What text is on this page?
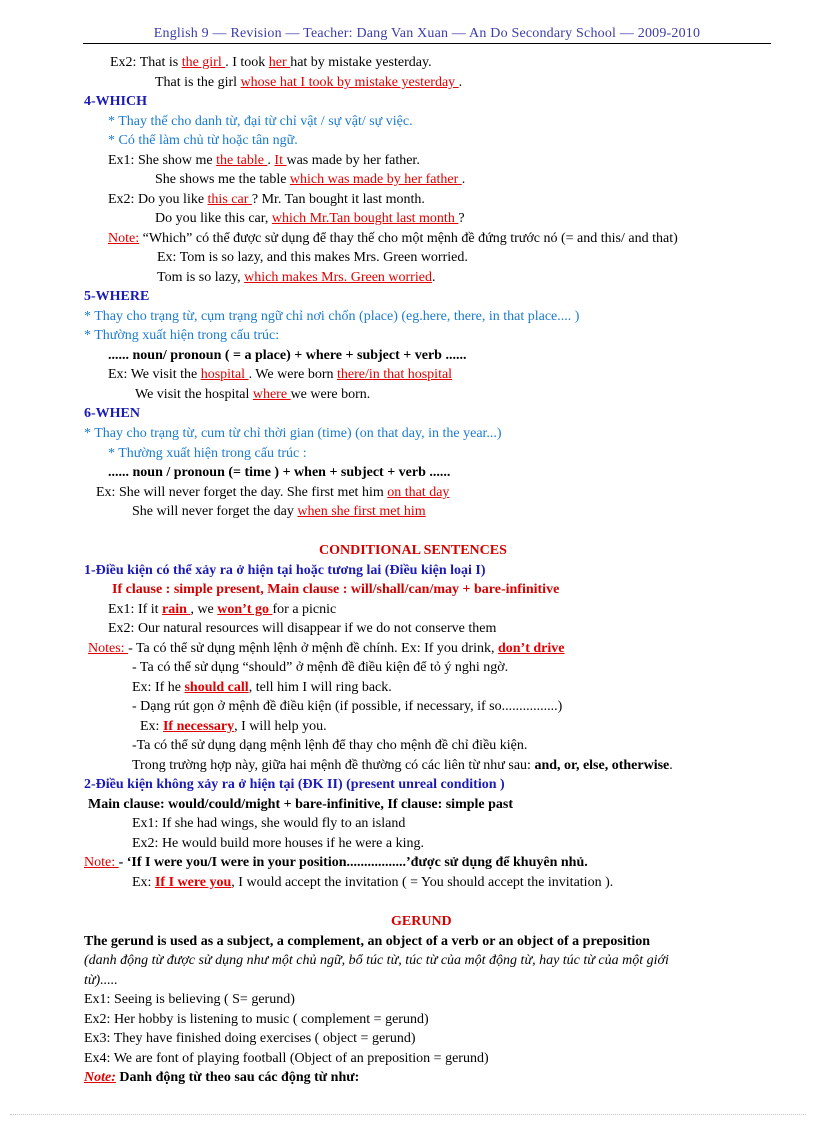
English 9 — Revision — Teacher: Dang Van Xuan — An Do Secondary School — 2009-2010
Ex2: That is the girl . I took her hat by mistake yesterday.
That is the girl whose hat I took by mistake yesterday .
4-WHICH
* Thay thế cho danh từ, đại từ chỉ vật / sự vật/ sự việc.
* Có thể làm chủ từ hoặc tân ngữ.
Ex1: She show me the table . It was made by her father.
She shows me the table which was made by her father .
Ex2: Do you like this car ? Mr. Tan bought it last month.
Do you like this car, which Mr.Tan bought last month ?
Note: “Which” có thể được sử dụng để thay thế cho một mệnh đề đứng trước nó (= and this/ and that)
Ex: Tom is so lazy, and this makes Mrs. Green worried.
Tom is so lazy, which makes Mrs. Green worried.
5-WHERE
* Thay cho trạng từ, cụm trạng ngữ chỉ nơi chốn (place) (eg.here, there, in that place.... )
* Thường xuất hiện trong cấu trúc:
...... noun/ pronoun ( = a place) + where + subject + verb ......
Ex: We visit the hospital . We were born there/in that hospital
We visit the hospital where we were born.
6-WHEN
* Thay cho trạng từ, cum từ chỉ thời gian (time) (on that day, in the year...)
* Thường xuất hiện trong cấu trúc :
...... noun / pronoun (= time ) + when + subject + verb ......
Ex: She will never forget the day. She first met him on that day
She will never forget the day when she first met him
CONDITIONAL SENTENCES
1-Điều kiện có thể xảy ra ở hiện tại hoặc tương lai (Điều kiện loại I)
If clause : simple present, Main clause : will/shall/can/may + bare-infinitive
Ex1: If it rain , we won’t go for a picnic
Ex2: Our natural resources will disappear if we do not conserve them
Notes: - Ta có thể sử dụng mệnh lệnh ở mệnh đề chính. Ex: If you drink, don’t drive
- Ta có thể sử dụng “should” ở mệnh đề điều kiện để tỏ ý nghi ngờ.
Ex: If he should call, tell him I will ring back.
- Dạng rút gọn ở mệnh đề điều kiện (if possible, if necessary, if so................)
Ex: If necessary, I will help you.
-Ta có thể sử dụng dạng mệnh lệnh để thay cho mệnh đề chỉ điều kiện.
Trong trường hợp này, giữa hai mệnh đề thường có các liên từ như sau: and, or, else, otherwise.
2-Điều kiện không xảy ra ở hiện tại (ĐK II) (present unreal condition )
Main clause: would/could/might + bare-infinitive, If clause: simple past
Ex1: If she had wings, she would fly to an island
Ex2: He would build more houses if he were a king.
Note: - ‘If I were you/I were in your position.................’được sử dụng để khuyên nhủ.
Ex: If I were you, I would accept the invitation ( = You should accept the invitation ).
GERUND
The gerund is used as a subject, a complement, an object of a verb or an object of a preposition
(danh động từ được sử dụng như một chủ ngữ, bổ túc từ, túc từ của một động từ, hay túc từ của một giới
từ).....
Ex1: Seeing is believing ( S= gerund)
Ex2: Her hobby is listening to music ( complement = gerund)
Ex3: They have finished doing exercises ( object = gerund)
Ex4: We are font of playing football (Object of an preposition = gerund)
Note: Danh động từ theo sau các động từ như:
